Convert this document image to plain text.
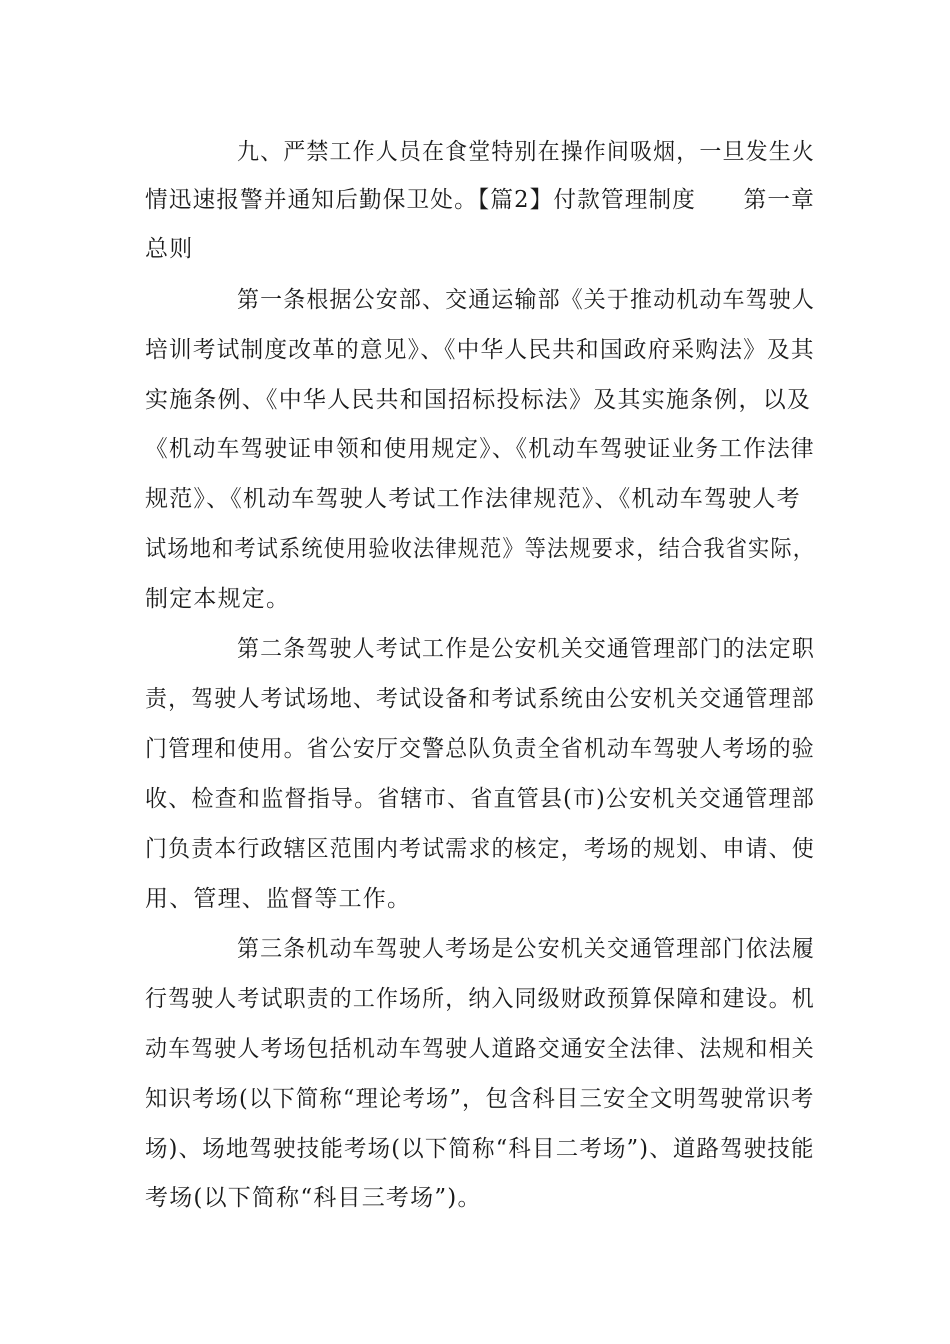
九、严禁工作人员在食堂特别在操作间吸烟，一旦发生火
情迅速报警并通知后勤保卫处。【篇2】付款管理制度　　第一章
总则
第一条根据公安部、交通运输部《关于推动机动车驾驶人
培训考试制度改革的意见》、《中华人民共和国政府采购法》及其
实施条例、《中华人民共和国招标投标法》及其实施条例，以及
《机动车驾驶证申领和使用规定》、《机动车驾驶证业务工作法律
规范》、《机动车驾驶人考试工作法律规范》、《机动车驾驶人考
试场地和考试系统使用验收法律规范》等法规要求，结合我省实际，
制定本规定。
第二条驾驶人考试工作是公安机关交通管理部门的法定职
责，驾驶人考试场地、考试设备和考试系统由公安机关交通管理部
门管理和使用。省公安厅交警总队负责全省机动车驾驶人考场的验
收、检查和监督指导。省辖市、省直管县(市)公安机关交通管理部
门负责本行政辖区范围内考试需求的核定，考场的规划、申请、使
用、管理、监督等工作。
第三条机动车驾驶人考场是公安机关交通管理部门依法履
行驾驶人考试职责的工作场所，纳入同级财政预算保障和建设。机
动车驾驶人考场包括机动车驾驶人道路交通安全法律、法规和相关
知识考场(以下简称“理论考场”，包含科目三安全文明驾驶常识考
场)、场地驾驶技能考场(以下简称“科目二考场”)、道路驾驶技能
考场(以下简称“科目三考场”)。
